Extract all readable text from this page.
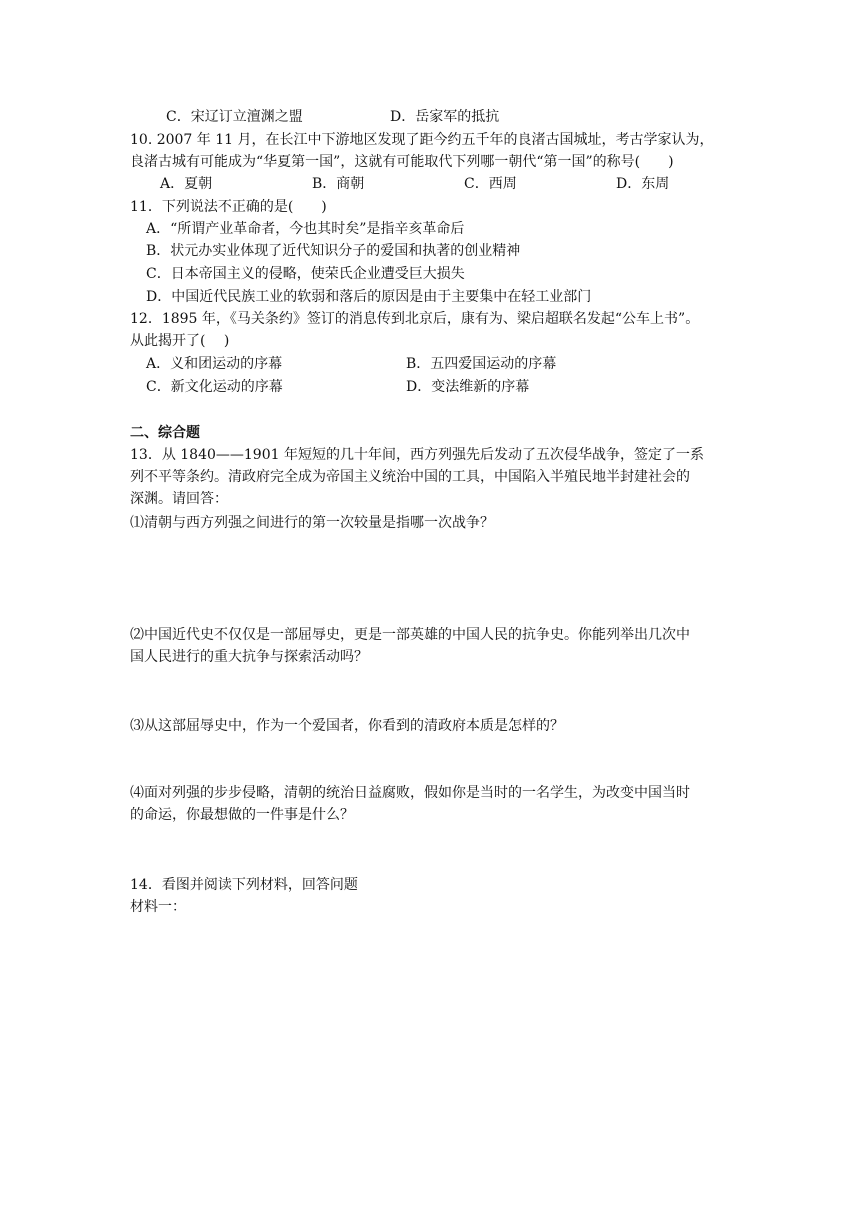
C．宋辽订立澶渊之盟	D．岳家军的抵抗
10. 2007 年 11 月，在长江中下游地区发现了距今约五千年的良渚古国城址，考古学家认为，
良渚古城有可能成为“华夏第一国”，这就有可能取代下列哪一朝代“第一国”的称号(　　)
A．夏朝	B．商朝	C．西周	D．东周
11．下列说法不正确的是(　　)
A．“所谓产业革命者，今也其时矣”是指辛亥革命后
B．状元办实业体现了近代知识分子的爱国和执著的创业精神
C．日本帝国主义的侵略，使荣氏企业遭受巨大损失
D．中国近代民族工业的软弱和落后的原因是由于主要集中在轻工业部门
12．1895 年，《马关条约》签订的消息传到北京后，康有为、梁启超联名发起“公车上书”。
从此揭开了(　 )
A．义和团运动的序幕	B．五四爱国运动的序幕
C．新文化运动的序幕	D．变法维新的序幕
二、综合题
13．从 1840——1901 年短短的几十年间，西方列强先后发动了五次侵华战争，签定了一系
列不平等条约。清政府完全成为帝国主义统治中国的工具，中国陷入半殖民地半封建社会的
深渊。请回答：
⑴清朝与西方列强之间进行的第一次较量是指哪一次战争？
⑵中国近代史不仅仅是一部屈辱史，更是一部英雄的中国人民的抗争史。你能列举出几次中
国人民进行的重大抗争与探索活动吗？
⑶从这部屈辱史中，作为一个爱国者，你看到的清政府本质是怎样的？
⑷面对列强的步步侵略，清朝的统治日益腐败，假如你是当时的一名学生，为改变中国当时
的命运，你最想做的一件事是什么？
14．看图并阅读下列材料，回答问题
材料一：
